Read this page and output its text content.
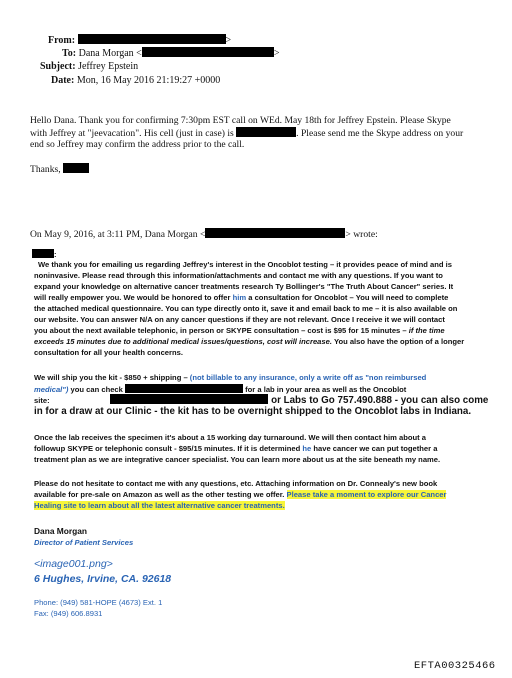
From:	>
To: Dana Morgan <	>
Subject: Jeffrey Epstein
Date: Mon, 16 May 2016 21:19:27 +0000
Hello Dana. Thank you for confirming 7:30pm EST call on WEd. May 18th for Jeffrey Epstein. Please Skype
with Jeffrey at "jeevacation". His cell (just in case) is	. Please send me the Skype address on your
end so Jeffrey may confirm the address prior to the call.
Thanks,
On May 9, 2016, at 3:11 PM, Dana Morgan <	> wrote:
:
We thank you for emailing us regarding Jeffrey's interest in the Oncoblot testing – it provides peace of mind and is
noninvasive. Please read through this information/attachments and contact me with any questions. If you want to
expand your knowledge on alternative cancer treatments research Ty Bollinger's "The Truth About Cancer" series. It
will really empower you. We would be honored to offer him a consultation for Oncoblot – You will need to complete
the attached medical questionnaire. You can type directly onto it, save it and email back to me – it is also available on
our website. You can answer N/A on any cancer questions if they are not relevant. Once I receive it we will contact
you about the next available telephonic, in person or SKYPE consultation – cost is $95 for 15 minutes – if the time
exceeds 15 minutes due to additional medical issues/questions, cost will increase. You also have the option of a longer
consultation for all your health concerns.
We will ship you the kit - $850 + shipping – (not billable to any insurance, only a write off as "non reimbursed
medical") you can check	for a lab in your area as well as the Oncoblot
site:	or Labs to Go 757.490.888 - you can also come
in for a draw at our Clinic - the kit has to be overnight shipped to the Oncoblot labs in Indiana.
Once the lab receives the specimen it's about a 15 working day turnaround. We will then contact him about a
followup SKYPE or telephonic consult - $95/15 minutes. If it is determined he have cancer we can put together a
treatment plan as we are integrative cancer specialist. You can learn more about us at the site beneath my name.
Please do not hesitate to contact me with any questions, etc. Attaching information on Dr. Connealy's new book
available for pre-sale on Amazon as well as the other testing we offer. Please take a moment to explore our Cancer
Healing site to learn about all the latest alternative cancer treatments.
Dana Morgan
Director of Patient Services
<image001.png>
6 Hughes, Irvine, CA. 92618
Phone: (949) 581-HOPE (4673) Ext. 1
Fax: (949) 606.8931
EFTA00325466
